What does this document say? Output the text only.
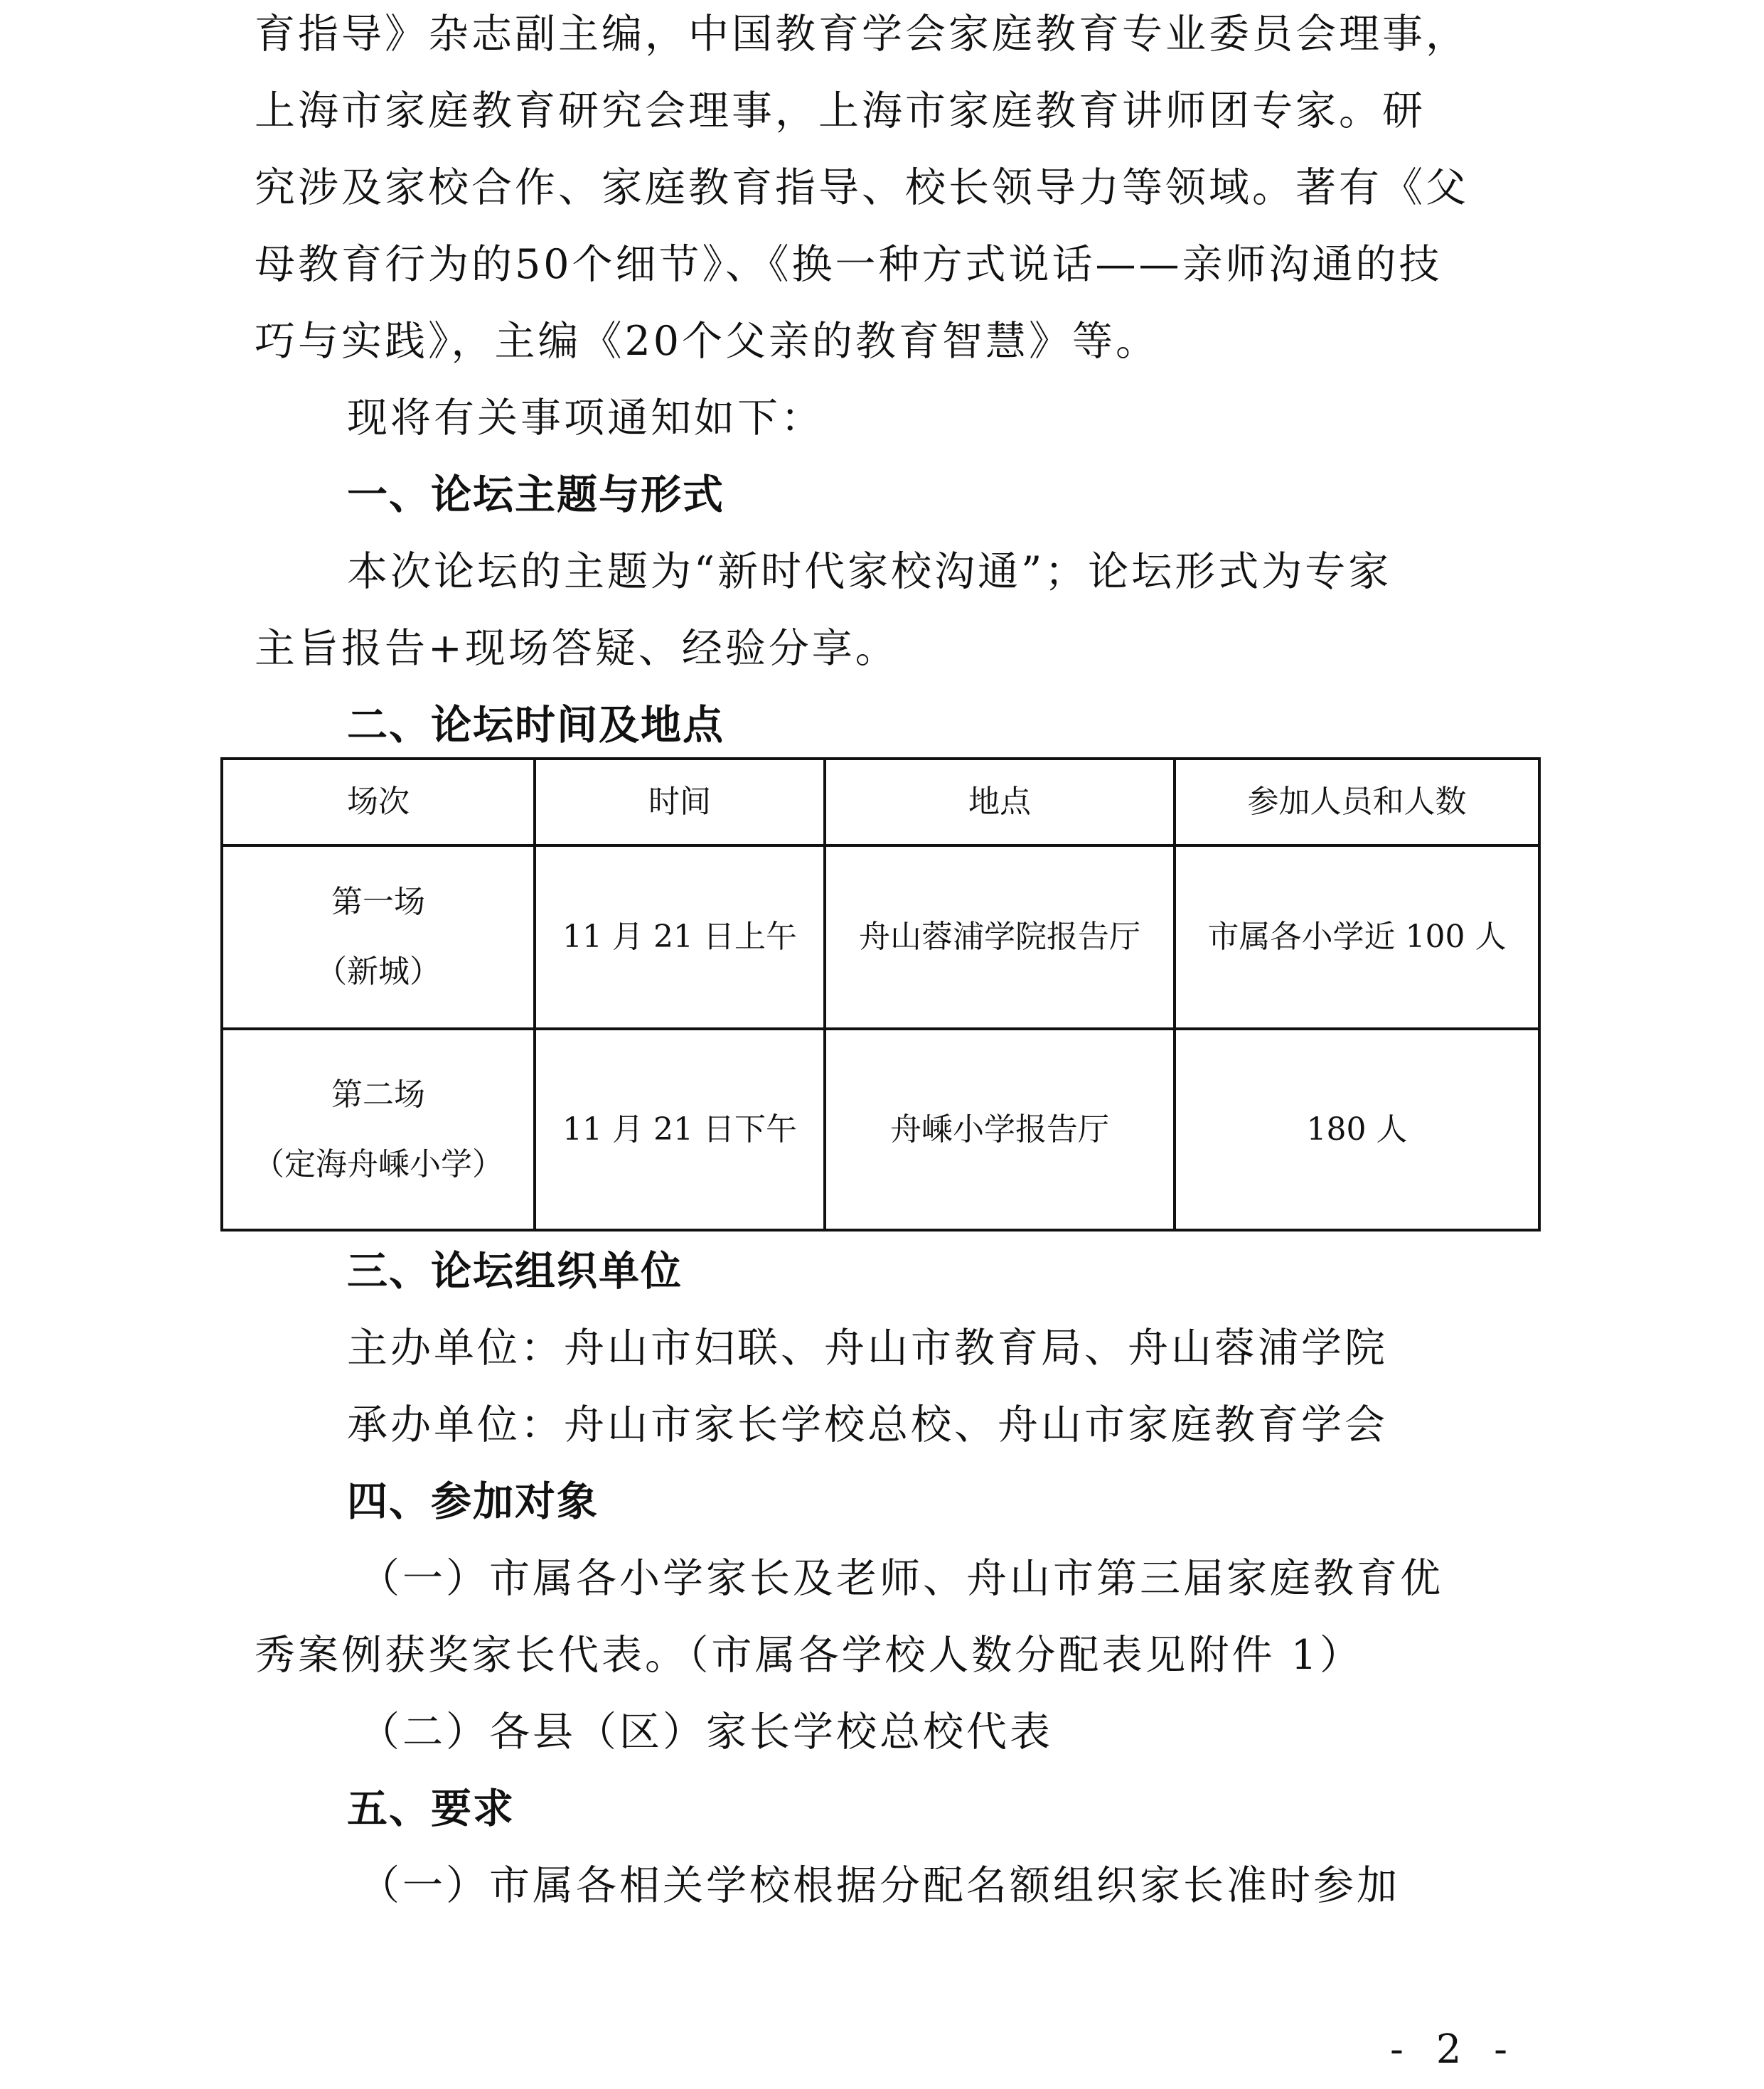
育指导》杂志副主编，中国教育学会家庭教育专业委员会理事，
上海市家庭教育研究会理事，上海市家庭教育讲师团专家。研
究涉及家校合作、家庭教育指导、校长领导力等领域。著有《父
母教育行为的50个细节》、《换一种方式说话——亲师沟通的技
巧与实践》，主编《20个父亲的教育智慧》等。
现将有关事项通知如下：
一、论坛主题与形式
本次论坛的主题为“新时代家校沟通”；论坛形式为专家
主旨报告+现场答疑、经验分享。
二、论坛时间及地点
场次	时间	地点	参加人员和人数

第一场
（新城）	11 月 21 日上午	舟山蓉浦学院报告厅	市属各小学近 100 人

第二场
（定海舟嵊小学）	11 月 21 日下午	舟嵊小学报告厅	180 人
三、论坛组织单位
主办单位：舟山市妇联、舟山市教育局、舟山蓉浦学院
承办单位：舟山市家长学校总校、舟山市家庭教育学会
四、参加对象
（一）市属各小学家长及老师、舟山市第三届家庭教育优
秀案例获奖家长代表。（市属各学校人数分配表见附件 1）
（二）各县（区）家长学校总校代表
五、要求
（一）市属各相关学校根据分配名额组织家长准时参加
- 2 -
